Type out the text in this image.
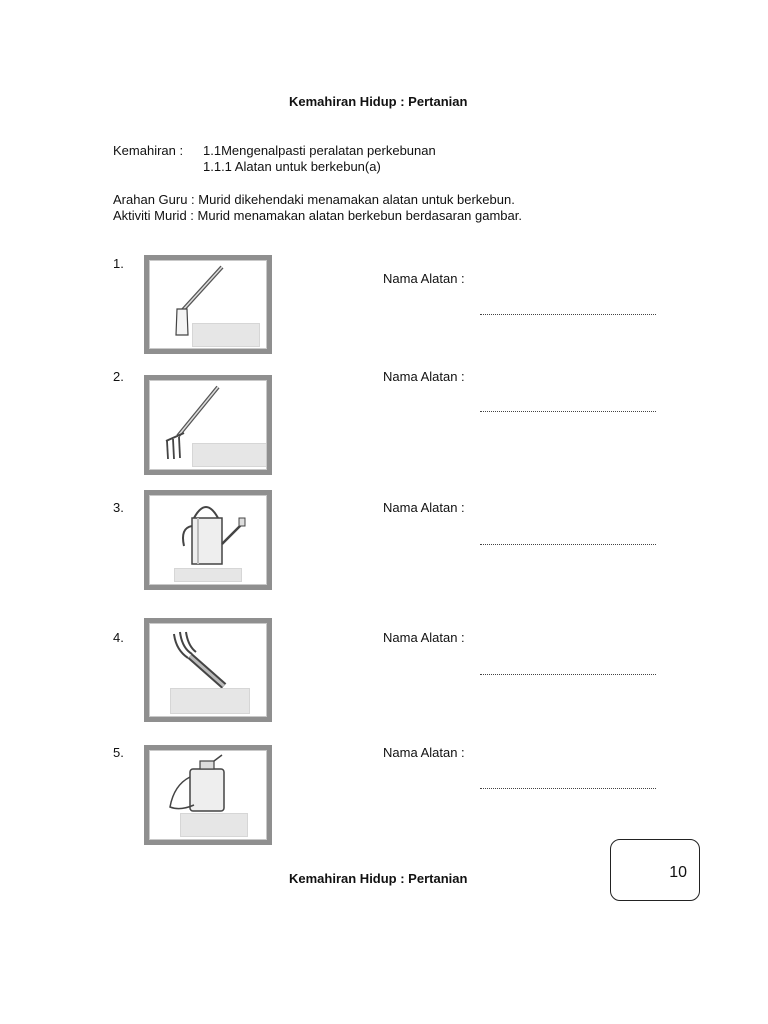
Kemahiran Hidup : Pertanian
Kemahiran : 1.1Mengenalpasti peralatan perkebunan
1.1.1 Alatan untuk berkebun(a)
Arahan Guru : Murid dikehendaki menamakan alatan untuk berkebun.
Aktiviti Murid : Murid menamakan alatan berkebun berdasaran gambar.
1.
Nama Alatan :
2.	Nama Alatan :
3.	Nama Alatan :
4.	Nama Alatan :
5.	Nama Alatan :
Kemahiran Hidup : Pertanian	10
